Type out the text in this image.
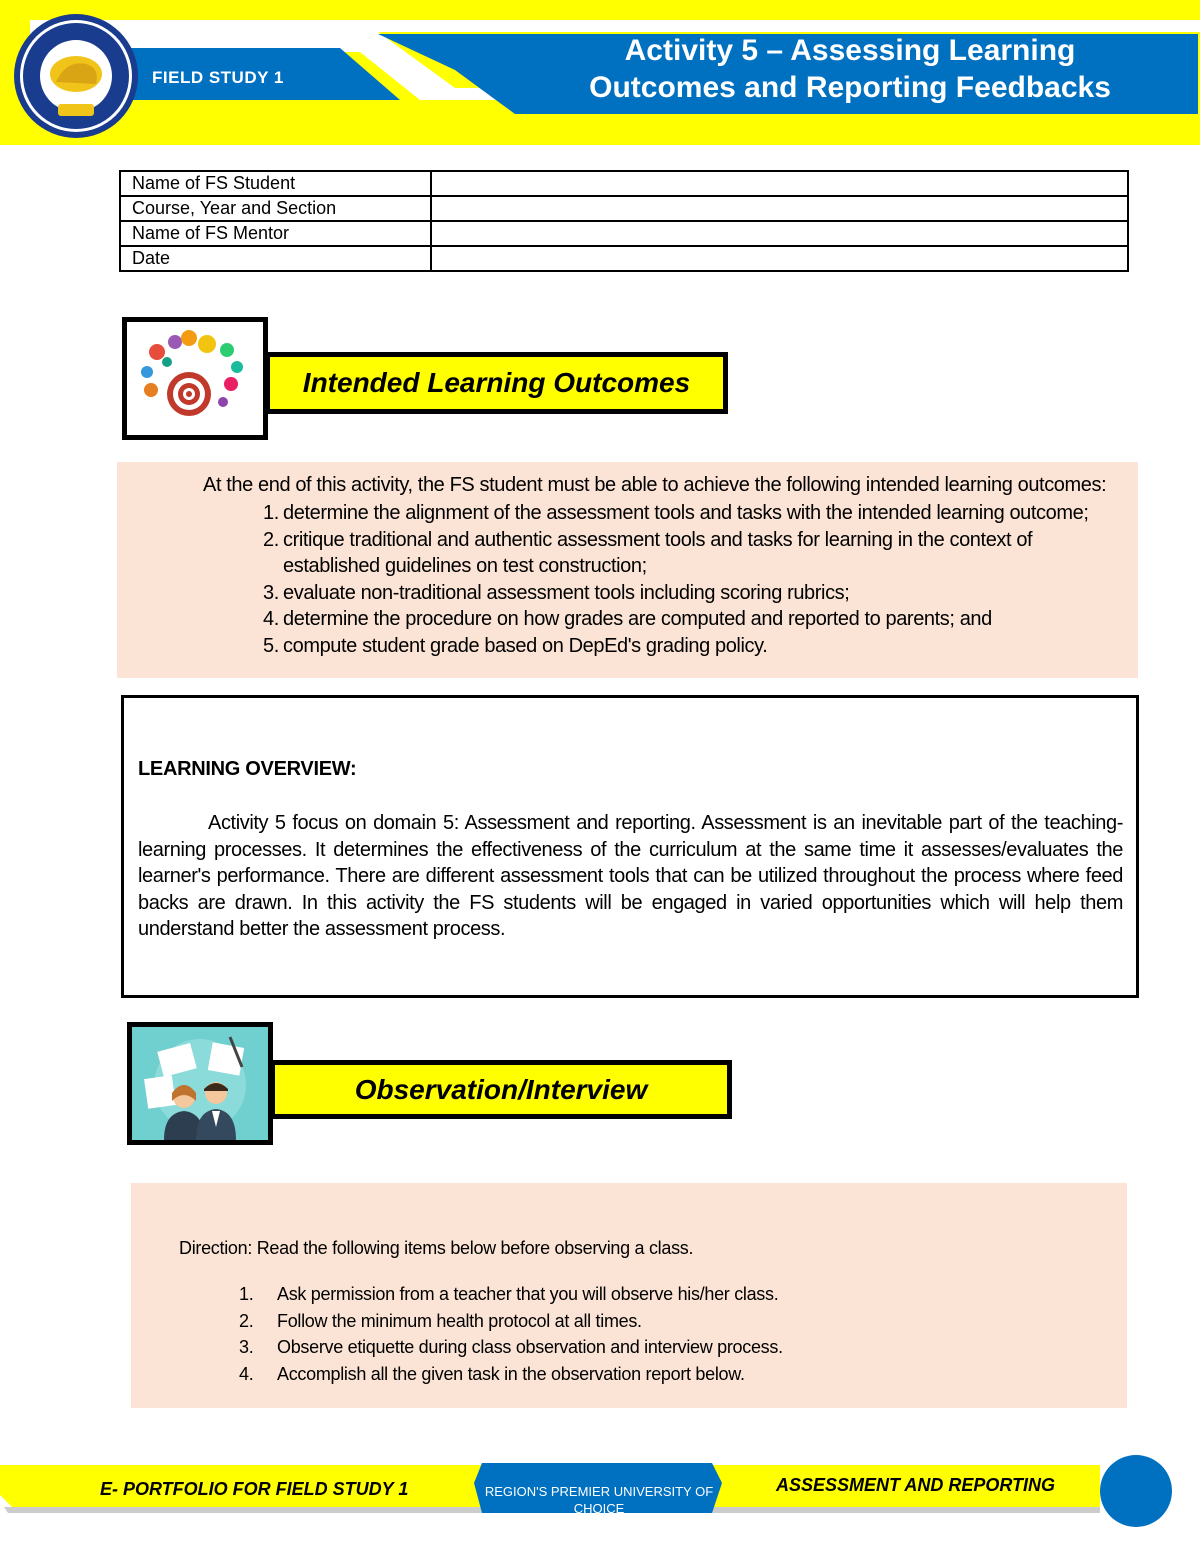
FIELD STUDY 1
Activity 5 – Assessing Learning
Outcomes and Reporting Feedbacks
Name of FS Student	
Course, Year and Section	
Name of FS Mentor	
Date	
Intended Learning Outcomes
At the end of this activity, the FS student must be able to achieve the following intended learning outcomes:
1. determine the alignment of the assessment tools and tasks with the intended learning outcome;
2. critique traditional and authentic assessment tools and tasks for learning in the context of established guidelines on test construction;
3. evaluate non-traditional assessment tools including scoring rubrics;
4. determine the procedure on how grades are computed and reported to parents; and
5. compute student grade based on DepEd's grading policy.
LEARNING OVERVIEW:
Activity 5 focus on domain 5: Assessment and reporting. Assessment is an inevitable part of the teaching-learning processes. It determines the effectiveness of the curriculum at the same time it assesses/evaluates the learner's performance. There are different assessment tools that can be utilized throughout the process where feed backs are drawn. In this activity the FS students will be engaged in varied opportunities which will help them understand better the assessment process.
Observation/Interview
Direction: Read the following items below before observing a class.
1.	Ask permission from a teacher that you will observe his/her class.
2.	Follow the minimum health protocol at all times.
3.	Observe etiquette during class observation and interview process.
4.	Accomplish all the given task in the observation report below.
E- PORTFOLIO FOR FIELD STUDY 1	REGION'S PREMIER UNIVERSITY OF CHOICE
ASSESSMENT AND REPORTING
